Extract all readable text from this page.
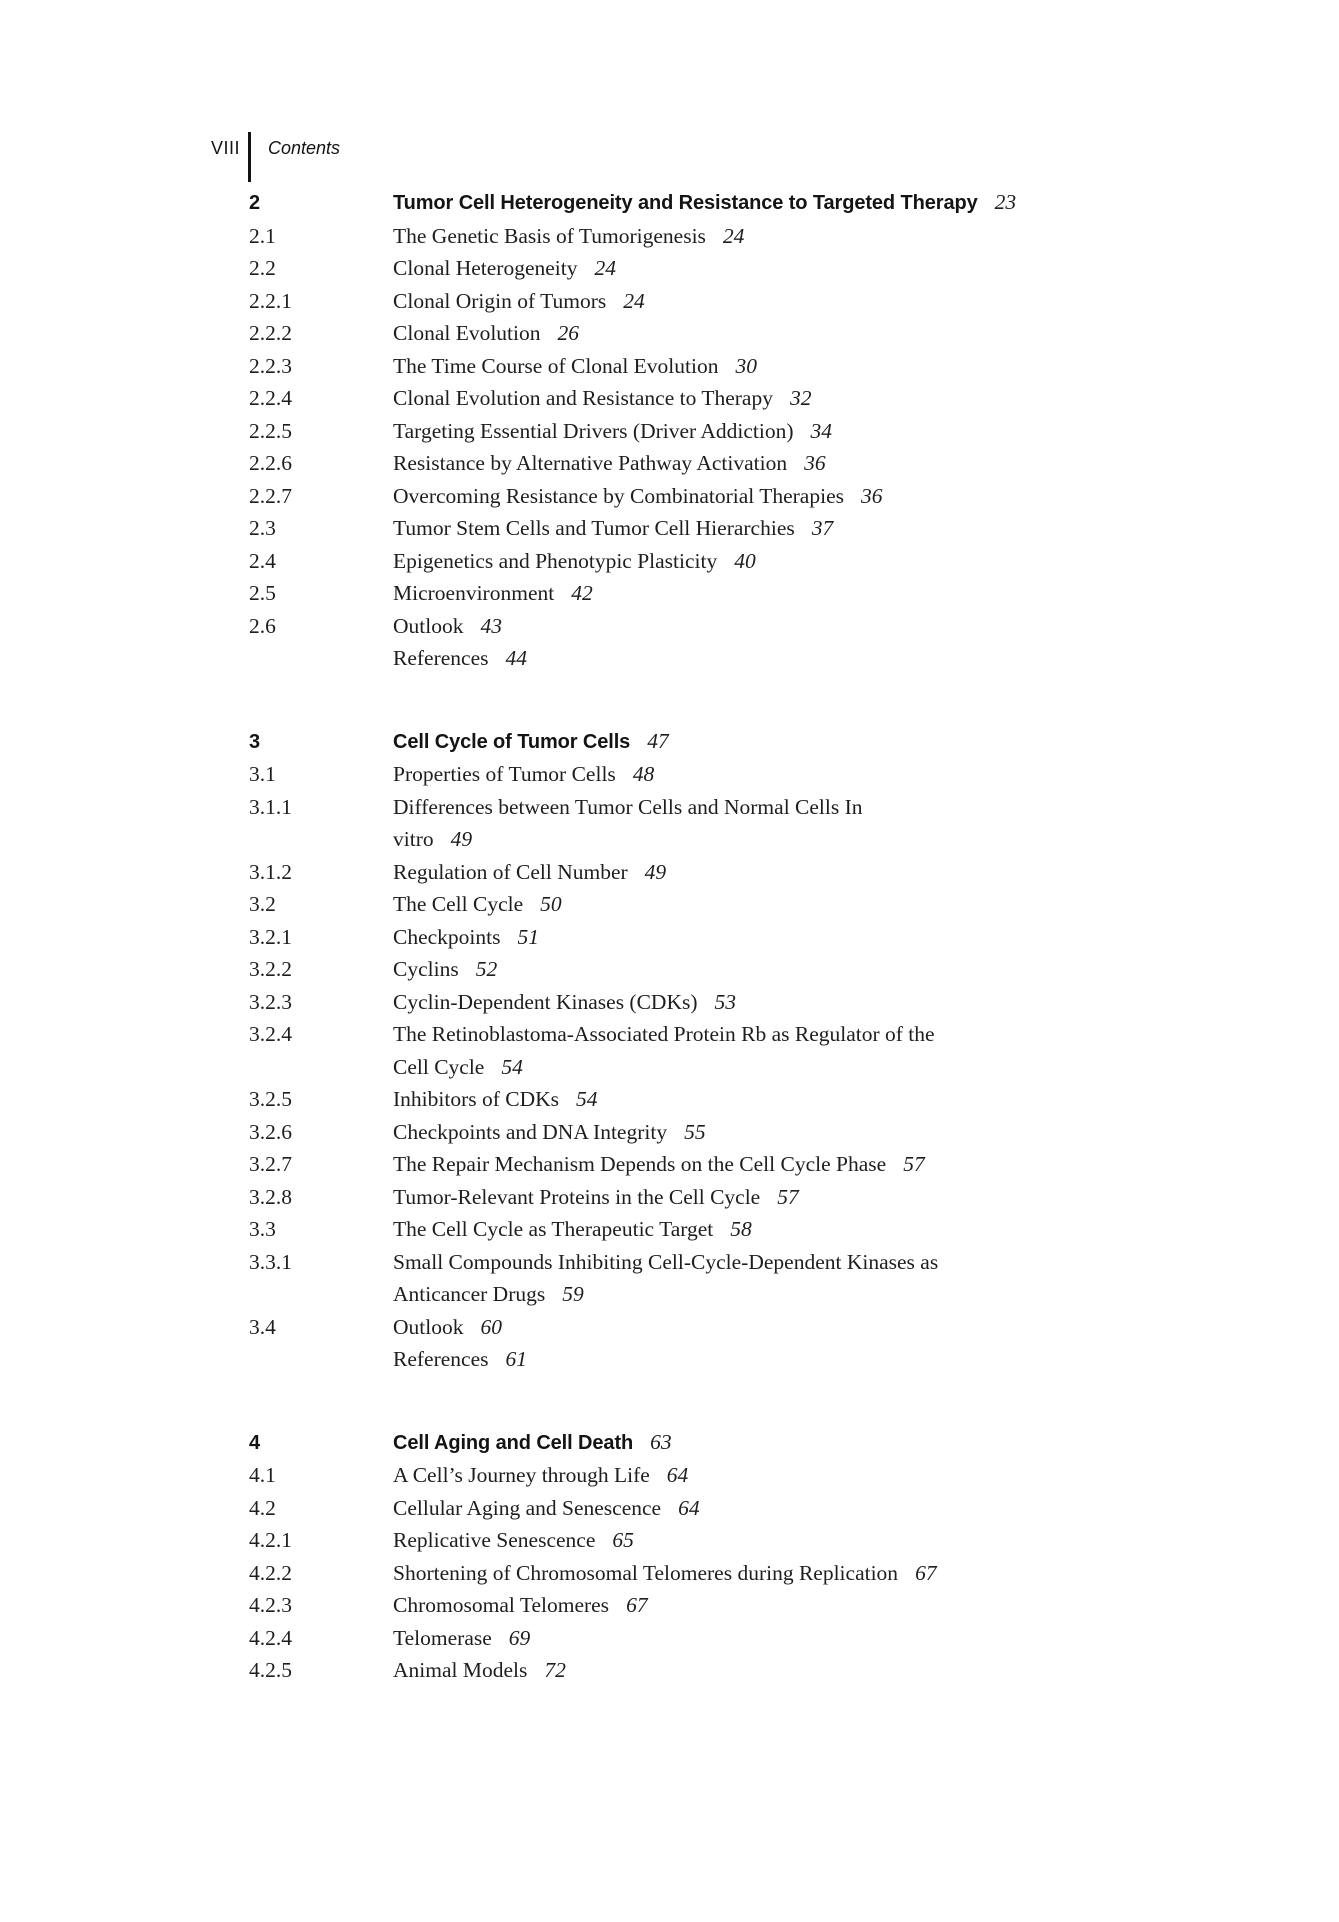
VIII Contents
2	Tumor Cell Heterogeneity and Resistance to Targeted Therapy 23
2.1	The Genetic Basis of Tumorigenesis 24
2.2	Clonal Heterogeneity 24
2.2.1	Clonal Origin of Tumors 24
2.2.2	Clonal Evolution 26
2.2.3	The Time Course of Clonal Evolution 30
2.2.4	Clonal Evolution and Resistance to Therapy 32
2.2.5	Targeting Essential Drivers (Driver Addiction) 34
2.2.6	Resistance by Alternative Pathway Activation 36
2.2.7	Overcoming Resistance by Combinatorial Therapies 36
2.3	Tumor Stem Cells and Tumor Cell Hierarchies 37
2.4	Epigenetics and Phenotypic Plasticity 40
2.5	Microenvironment 42
2.6	Outlook 43
References 44
3	Cell Cycle of Tumor Cells 47
3.1	Properties of Tumor Cells 48
3.1.1	Differences between Tumor Cells and Normal Cells In
vitro 49
3.1.2	Regulation of Cell Number 49
3.2	The Cell Cycle 50
3.2.1	Checkpoints 51
3.2.2	Cyclins 52
3.2.3	Cyclin-Dependent Kinases (CDKs) 53
3.2.4	The Retinoblastoma-Associated Protein Rb as Regulator of the
Cell Cycle 54
3.2.5	Inhibitors of CDKs 54
3.2.6	Checkpoints and DNA Integrity 55
3.2.7	The Repair Mechanism Depends on the Cell Cycle Phase 57
3.2.8	Tumor-Relevant Proteins in the Cell Cycle 57
3.3	The Cell Cycle as Therapeutic Target 58
3.3.1	Small Compounds Inhibiting Cell-Cycle-Dependent Kinases as
Anticancer Drugs 59
3.4	Outlook 60
References 61
4	Cell Aging and Cell Death 63
4.1	A Cell’s Journey through Life 64
4.2	Cellular Aging and Senescence 64
4.2.1	Replicative Senescence 65
4.2.2	Shortening of Chromosomal Telomeres during Replication 67
4.2.3	Chromosomal Telomeres 67
4.2.4	Telomerase 69
4.2.5	Animal Models 72
